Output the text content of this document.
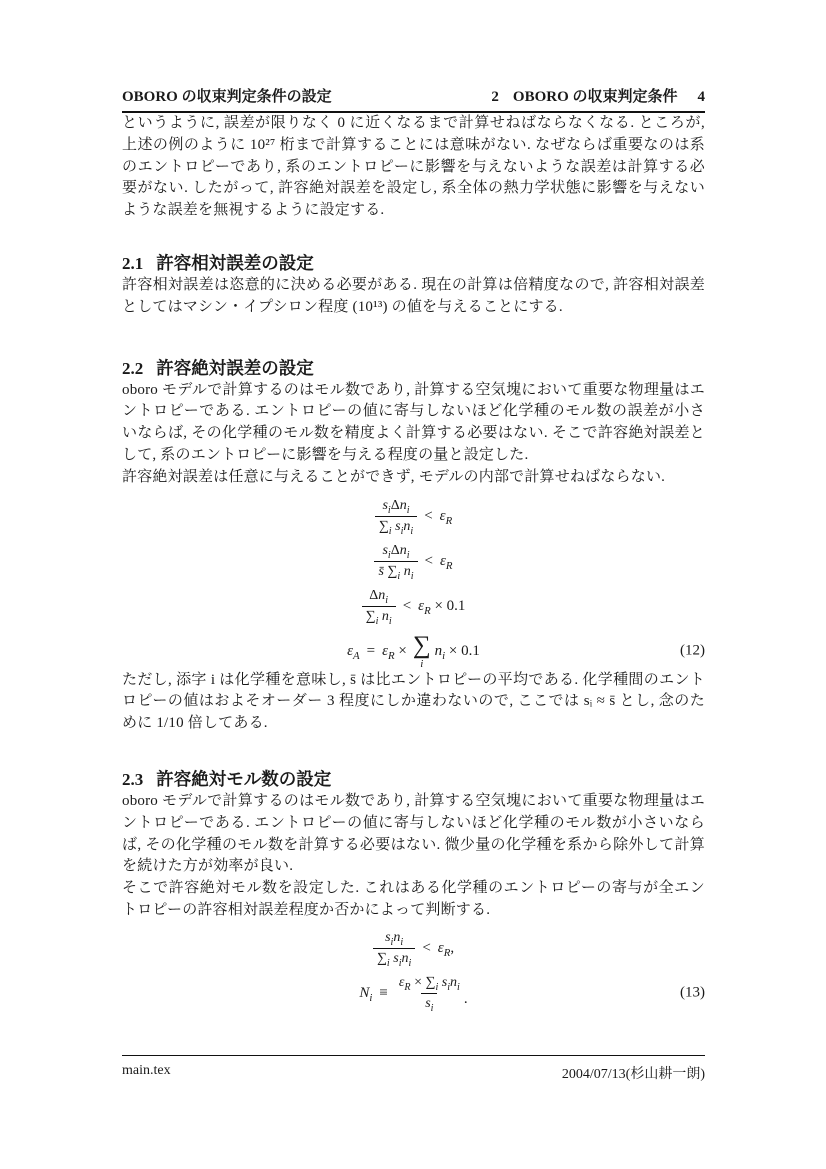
OBORO の収束判定条件の設定	2 OBORO の収束判定条件 4

というように, 誤差が限りなく 0 に近くなるまで計算せねばならなくなる. ところが, 上述の例のように 10²⁷ 桁まで計算することには意味がない. なぜならば重要なのは系のエントロピーであり, 系のエントロピーに影響を与えないような誤差は計算する必要がない. したがって, 許容絶対誤差を設定し, 系全体の熱力学状態に影響を与えないような誤差を無視するように設定する.

2.1 許容相対誤差の設定

許容相対誤差は恣意的に決める必要がある. 現在の計算は倍精度なので, 許容相対誤差としてはマシン・イプシロン程度 (10¹³) の値を与えることにする.

2.2 許容絶対誤差の設定

oboro モデルで計算するのはモル数であり, 計算する空気塊において重要な物理量はエントロピーである. エントロピーの値に寄与しないほど化学種のモル数の誤差が小さいならば, その化学種のモル数を精度よく計算する必要はない. そこで許容絶対誤差として, 系のエントロピーに影響を与える程度の量と設定した.

許容絶対誤差は任意に与えることができず, モデルの内部で計算せねばならない.

$\frac{s_i\Delta n_i}{\sum_i s_in_i} < \varepsilon_R$
$\frac{s_i\Delta n_i}{s̄ \sum_i n_i} < \varepsilon_R$
$\frac{\Delta n_i}{\sum_i n_i} < \varepsilon_R \times 0.1$
$\varepsilon_A = \varepsilon_R$ × ∑
i
$n_i \times 0.1$	(12)

ただし, 添字 i は化学種を意味し, s̄ は比エントロピーの平均である. 化学種間のエントロピーの値はおよそオーダー 3 程度にしか違わないので, ここでは sᵢ ≈ s̄ とし, 念のために 1/10 倍してある.

2.3 許容絶対モル数の設定

oboro モデルで計算するのはモル数であり, 計算する空気塊において重要な物理量はエントロピーである. エントロピーの値に寄与しないほど化学種のモル数が小さいならば, その化学種のモル数を計算する必要はない. 微少量の化学種を系から除外して計算を続けた方が効率が良い.

そこで許容絶対モル数を設定した. これはある化学種のエントロピーの寄与が全エントロピーの許容相対誤差程度か否かによって判断する.

$\frac{s_in_i}{\sum_i s_in_i} < \varepsilon_R$,
$N_i \equiv \frac{\varepsilon_R \times \sum_i s_in_i}{s_i}$ .	(13)
main.tex	2004/07/13(杉山耕一朗)
